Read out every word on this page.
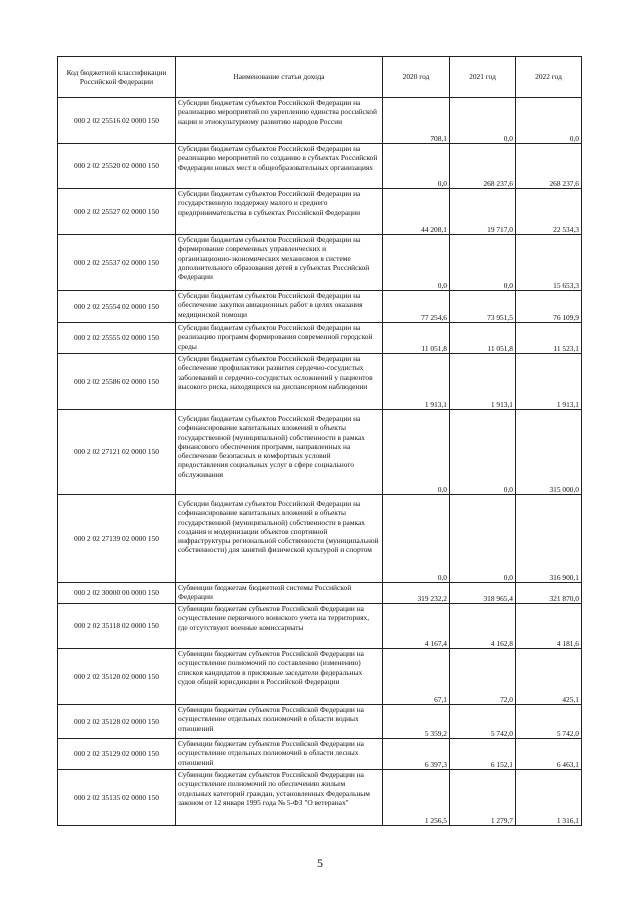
Код бюджетной классификации Российской Федерации	Наименование статьи дохода	2020 год	2021 год	2022 год
000 2 02 25516 02 0000 150	Субсидии бюджетам субъектов Российской Федерации на реализацию мероприятий по укреплению единства российской нации и этнокультурному развитию народов России	708,1	0,0	0,0
000 2 02 25520 02 0000 150	Субсидии бюджетам субъектов Российской Федерации на реализацию мероприятий по созданию в субъектах Российской Федерации новых мест в общеобразовательных организациях	0,0	268 237,6	268 237,6
000 2 02 25527 02 0000 150	Субсидии бюджетам субъектов Российской Федерации на государственную поддержку малого и среднего предпринимательства в субъектах Российской Федерации	44 208,1	19 717,0	22 534,3
000 2 02 25537 02 0000 150	Субсидии бюджетам субъектов Российской Федерации на формирование современных управленческих и организационно-экономических механизмов в системе дополнительного образования детей в субъектах Российской Федерации	0,0	0,0	15 653,3
000 2 02 25554 02 0000 150	Субсидии бюджетам субъектов Российской Федерации на обеспечение закупки авиационных работ в целях оказания медицинской помощи	77 254,6	73 951,5	76 109,9
000 2 02 25555 02 0000 150	Субсидии бюджетам субъектов Российской Федерации на реализацию программ формирования современной городской среды	11 051,8	11 051,8	11 523,1
000 2 02 25586 02 0000 150	Субсидии бюджетам субъектов Российской Федерации на обеспечение профилактики развития сердечно-сосудистых заболеваний и сердечно-сосудистых осложнений у пациентов высокого риска, находящихся на диспансерном наблюдении	1 913,1	1 913,1	1 913,1
000 2 02 27121 02 0000 150	Субсидии бюджетам субъектов Российской Федерации на софинансирование капитальных вложений в объекты государственной (муниципальной) собственности в рамках финансового обеспечения программ, направленных на обеспечение безопасных и комфортных условий предоставления социальных услуг в сфере социального обслуживания	0,0	0,0	315 000,0
000 2 02 27139 02 0000 150	Субсидии бюджетам субъектов Российской Федерации на софинансирование капитальных вложений в объекты государственной (муниципальной) собственности в рамках создания и модернизации объектов спортивной инфраструктуры региональной собственности (муниципальной собственности) для занятий физической культурой и спортом	0,0	0,0	316 900,1
000 2 02 30000 00 0000 150	Субвенции бюджетам бюджетной системы Российской Федерации	319 232,2	318 965,4	321 870,0
000 2 02 35118 02 0000 150	Субвенции бюджетам субъектов Российской Федерации на осуществление первичного воинского учета на территориях, где отсутствуют военные комиссариаты	4 167,4	4 162,8	4 181,6
000 2 02 35120 02 0000 150	Субвенции бюджетам субъектов Российской Федерации на осуществление полномочий по составлению (изменению) списков кандидатов в присяжные заседатели федеральных судов общей юрисдикции в Российской Федерации	67,1	72,0	425,1
000 2 02 35128 02 0000 150	Субвенции бюджетам субъектов Российской Федерации на осуществление отдельных полномочий в области водных отношений	5 359,2	5 742,0	5 742,0
000 2 02 35129 02 0000 150	Субвенции бюджетам субъектов Российской Федерации на осуществление отдельных полномочий в области лесных отношений	6 397,3	6 152,1	6 463,1
000 2 02 35135 02 0000 150	Субвенции бюджетам субъектов Российской Федерации на осуществление полномочий по обеспечению жильем отдельных категорий граждан, установленных Федеральным законом от 12 января 1995 года № 5-ФЗ "О ветеранах"	1 256,5	1 279,7	1 316,1
5
